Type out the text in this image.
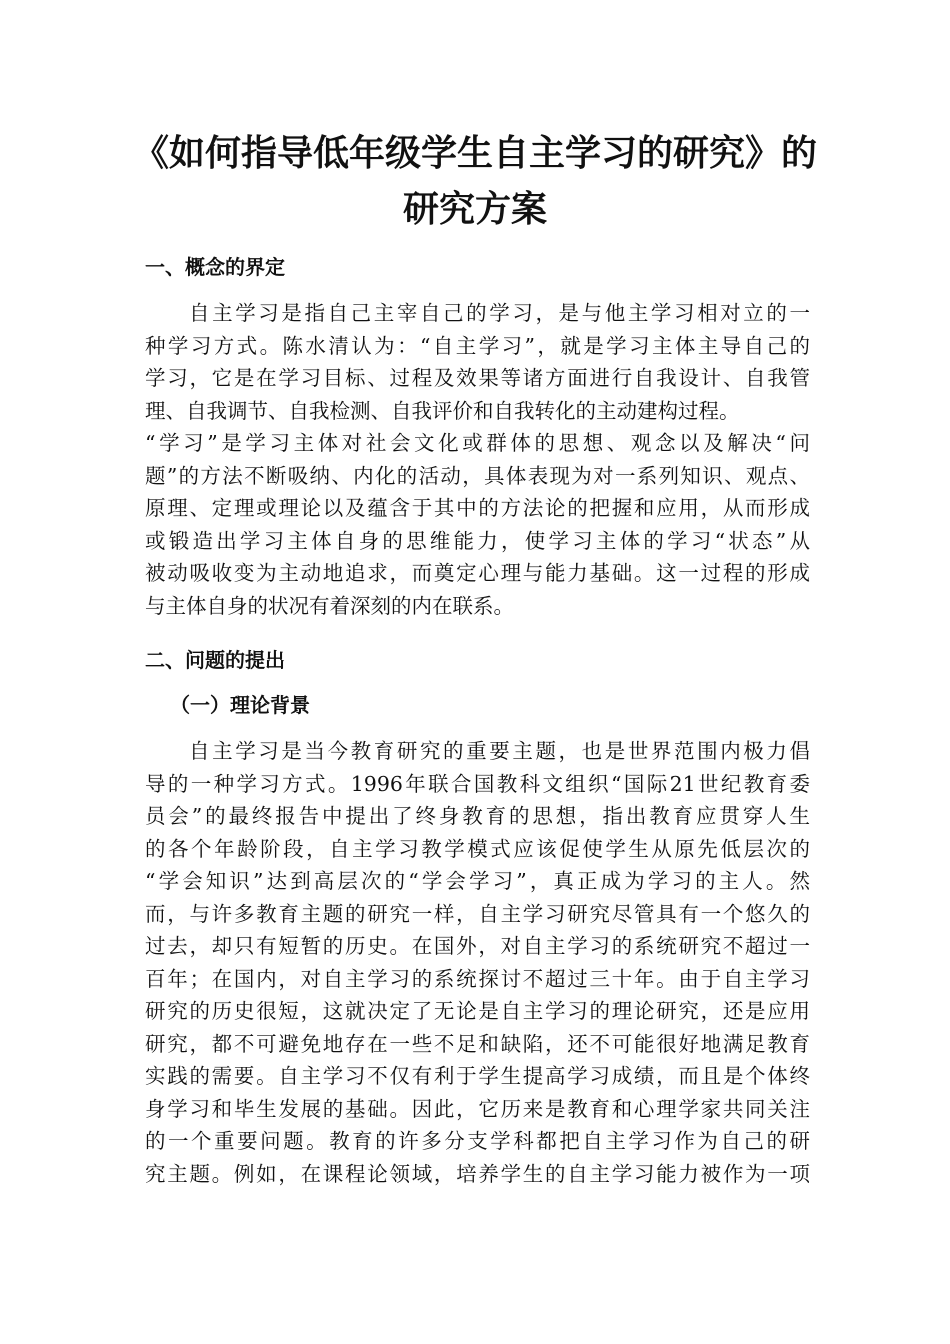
《如何指导低年级学生自主学习的研究》的
研究方案
一、概念的界定
自主学习是指自己主宰自己的学习，是与他主学习相对立的一
种学习方式。陈水清认为：“自主学习”，就是学习主体主导自己的
学习，它是在学习目标、过程及效果等诸方面进行自我设计、自我管
理、自我调节、自我检测、自我评价和自我转化的主动建构过程。
“学习”是学习主体对社会文化或群体的思想、观念以及解决“问
题”的方法不断吸纳、内化的活动，具体表现为对一系列知识、观点、
原理、定理或理论以及蕴含于其中的方法论的把握和应用，从而形成
或锻造出学习主体自身的思维能力，使学习主体的学习“状态”从
被动吸收变为主动地追求，而奠定心理与能力基础。这一过程的形成
与主体自身的状况有着深刻的内在联系。
二、问题的提出
（一）理论背景
自主学习是当今教育研究的重要主题，也是世界范围内极力倡
导的一种学习方式。1996年联合国教科文组织“国际21世纪教育委
员会”的最终报告中提出了终身教育的思想，指出教育应贯穿人生
的各个年龄阶段，自主学习教学模式应该促使学生从原先低层次的
“学会知识”达到高层次的“学会学习”，真正成为学习的主人。然
而，与许多教育主题的研究一样，自主学习研究尽管具有一个悠久的
过去，却只有短暂的历史。在国外，对自主学习的系统研究不超过一
百年；在国内，对自主学习的系统探讨不超过三十年。由于自主学习
研究的历史很短，这就决定了无论是自主学习的理论研究，还是应用
研究，都不可避免地存在一些不足和缺陷，还不可能很好地满足教育
实践的需要。自主学习不仅有利于学生提高学习成绩，而且是个体终
身学习和毕生发展的基础。因此，它历来是教育和心理学家共同关注
的一个重要问题。教育的许多分支学科都把自主学习作为自己的研
究主题。例如，在课程论领域，培养学生的自主学习能力被作为一项
